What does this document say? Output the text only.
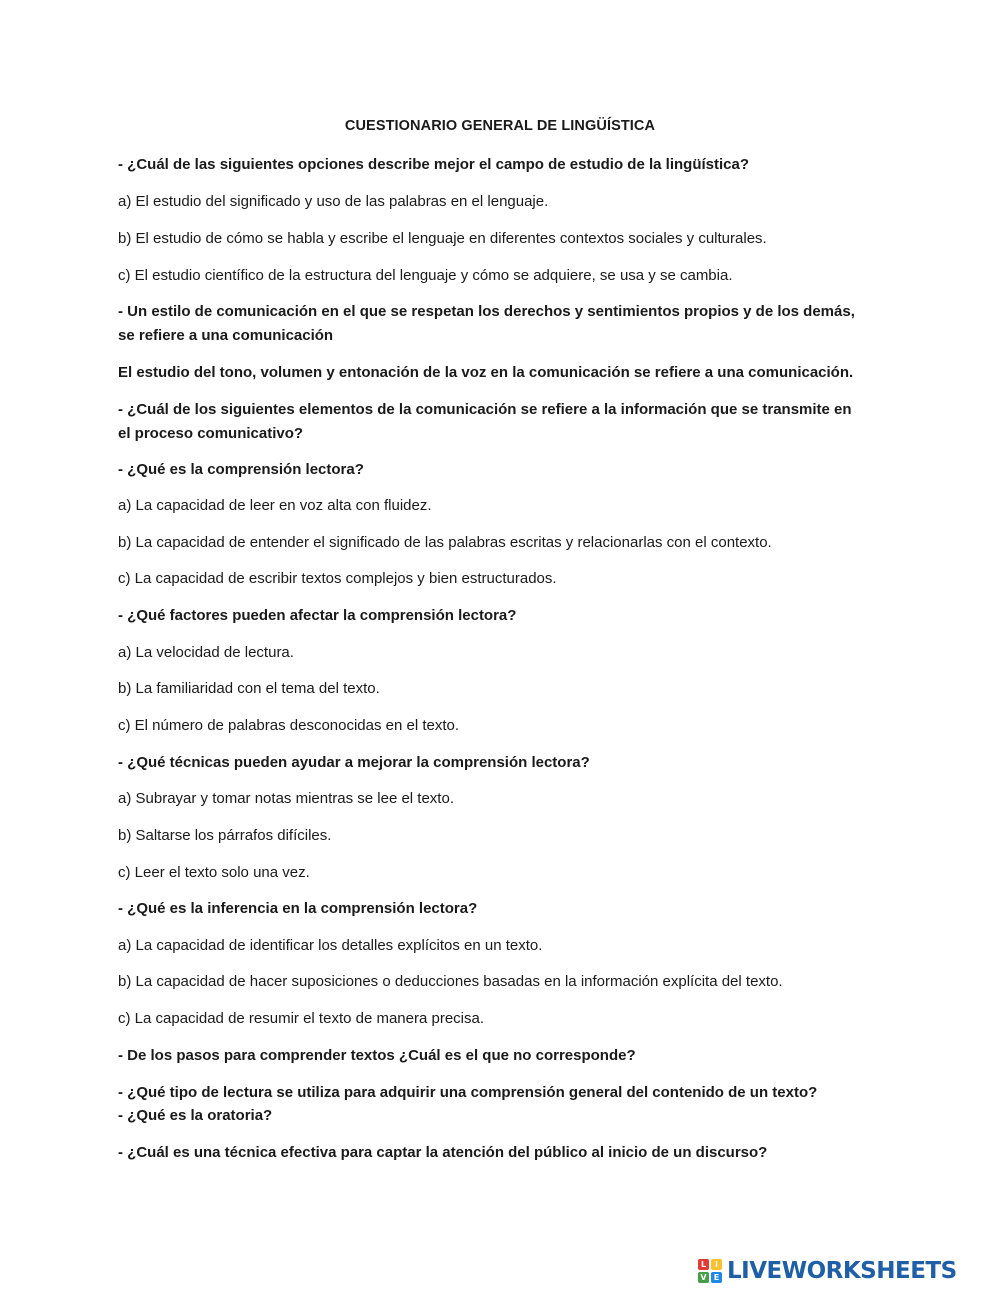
CUESTIONARIO GENERAL DE LINGÜÍSTICA
- ¿Cuál de las siguientes opciones describe mejor el campo de estudio de la lingüística?
a) El estudio del significado y uso de las palabras en el lenguaje.
b) El estudio de cómo se habla y escribe el lenguaje en diferentes contextos sociales y culturales.
c) El estudio científico de la estructura del lenguaje y cómo se adquiere, se usa y se cambia.
- Un estilo de comunicación en el que se respetan los derechos y sentimientos propios y de los demás,
se refiere a una comunicación
El estudio del tono, volumen y entonación de la voz en la comunicación se refiere a una comunicación.
- ¿Cuál de los siguientes elementos de la comunicación se refiere a la información que se transmite en
el proceso comunicativo?
- ¿Qué es la comprensión lectora?
a) La capacidad de leer en voz alta con fluidez.
b) La capacidad de entender el significado de las palabras escritas y relacionarlas con el contexto.
c) La capacidad de escribir textos complejos y bien estructurados.
- ¿Qué factores pueden afectar la comprensión lectora?
a) La velocidad de lectura.
b) La familiaridad con el tema del texto.
c) El número de palabras desconocidas en el texto.
- ¿Qué técnicas pueden ayudar a mejorar la comprensión lectora?
a) Subrayar y tomar notas mientras se lee el texto.
b) Saltarse los párrafos difíciles.
c) Leer el texto solo una vez.
- ¿Qué es la inferencia en la comprensión lectora?
a) La capacidad de identificar los detalles explícitos en un texto.
b) La capacidad de hacer suposiciones o deducciones basadas en la información explícita del texto.
c) La capacidad de resumir el texto de manera precisa.
- De los pasos para comprender textos ¿Cuál es el que no corresponde?
- ¿Qué tipo de lectura se utiliza para adquirir una comprensión general del contenido de un texto?
- ¿Qué es la oratoria?
- ¿Cuál es una técnica efectiva para captar la atención del público al inicio de un discurso?
L	i
V E LIVEWORKSHEETS
